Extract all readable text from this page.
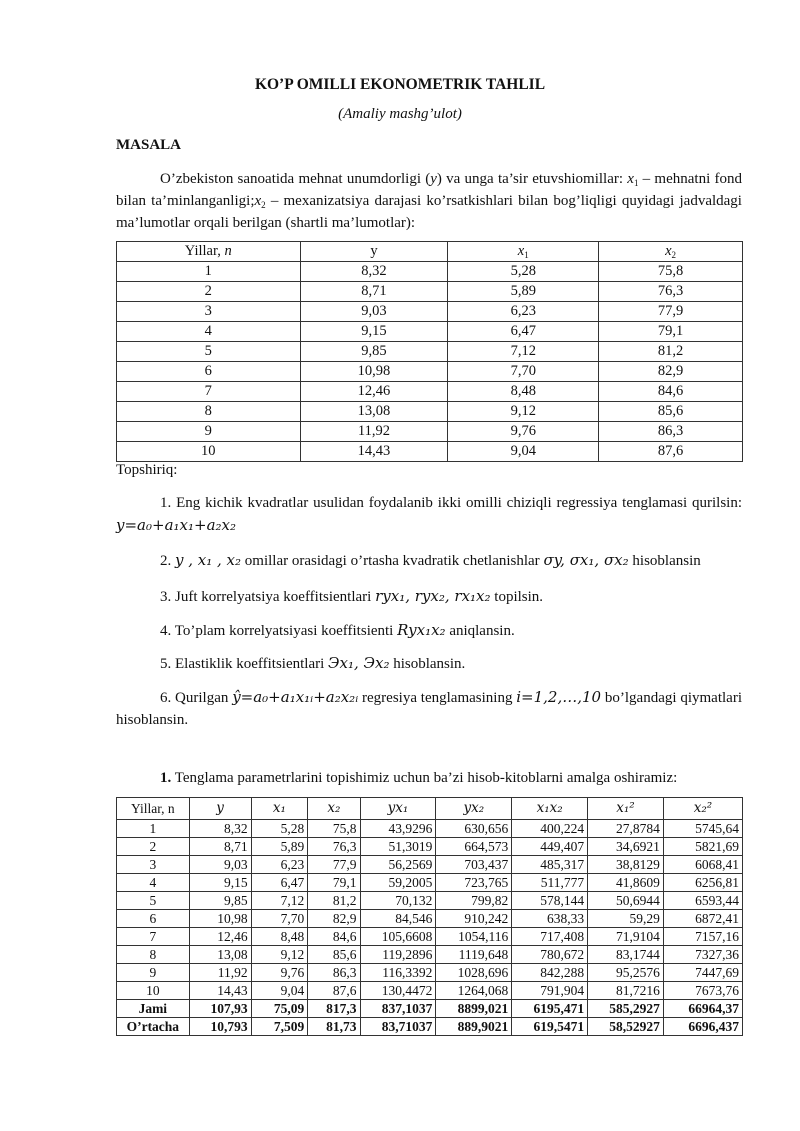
KO’P OMILLI EKONOMETRIK TAHLIL
(Amaliy mashg’ulot)
MASALA
O’zbekiston sanoatida mehnat unumdorligi (y) va unga ta’sir etuvshiomillar: $x_1$ – mehnatni fond bilan $ta’minlanganligi;x_2$ – mexanizatsiya darajasi ko’rsatkishlari bilan bog’liqligi quyidagi jadvaldagi ma’lumotlar orqali berilgan (shartli ma’lumotlar):
Yillar, n	y	$x_1$	$x_2$
1	8,32	5,28	75,8
2	8,71	5,89	76,3
3	9,03	6,23	77,9
4	9,15	6,47	79,1
5	9,85	7,12	81,2
6	10,98	7,70	82,9
7	12,46	8,48	84,6
8	13,08	9,12	85,6
9	11,92	9,76	86,3
10	14,43	9,04	87,6
Topshiriq:
1. Eng kichik kvadratlar usulidan foydalanib ikki omilli chiziqli regressiya tenglamasi qurilsin: y=a₀+a₁x₁+a₂x₂
2. y , x₁ , x₂ omillar orasidagi o’rtasha kvadratik chetlanishlar σy, σx₁, σx₂ hisoblansin
3. Juft korrelyatsiya koeffitsientlari ryx₁, ryx₂, rx₁x₂ topilsin.
4. To’plam korrelyatsiyasi koeffitsienti Ryx₁x₂ aniqlansin.
5. Elastiklik koeffitsientlari Эx₁, Эx₂ hisoblansin.
6. Qurilgan ŷ=a₀+a₁x₁ᵢ+a₂x₂ᵢ regresiya tenglamasining i=1,2,…,10 bo’lgandagi qiymatlari hisoblansin.
1. Tenglama parametrlarini topishimiz uchun ba’zi hisob-kitoblarni amalga oshiramiz:
Yillar, n	y	x₁	x₂	yx₁	yx₂	x₁x₂	x₁²	x₂²
1	8,32	5,28	75,8	43,9296	630,656	400,224	27,8784	5745,64
2	8,71	5,89	76,3	51,3019	664,573	449,407	34,6921	5821,69
3	9,03	6,23	77,9	56,2569	703,437	485,317	38,8129	6068,41
4	9,15	6,47	79,1	59,2005	723,765	511,777	41,8609	6256,81
5	9,85	7,12	81,2	70,132	799,82	578,144	50,6944	6593,44
6	10,98	7,70	82,9	84,546	910,242	638,33	59,29	6872,41
7	12,46	8,48	84,6	105,6608	1054,116	717,408	71,9104	7157,16
8	13,08	9,12	85,6	119,2896	1119,648	780,672	83,1744	7327,36
9	11,92	9,76	86,3	116,3392	1028,696	842,288	95,2576	7447,69
10	14,43	9,04	87,6	130,4472	1264,068	791,904	81,7216	7673,76
Jami	107,93	75,09	817,3	837,1037	8899,021	6195,471	585,2927	66964,37
O’rtacha	10,793	7,509	81,73	83,71037	889,9021	619,5471	58,52927	6696,437
